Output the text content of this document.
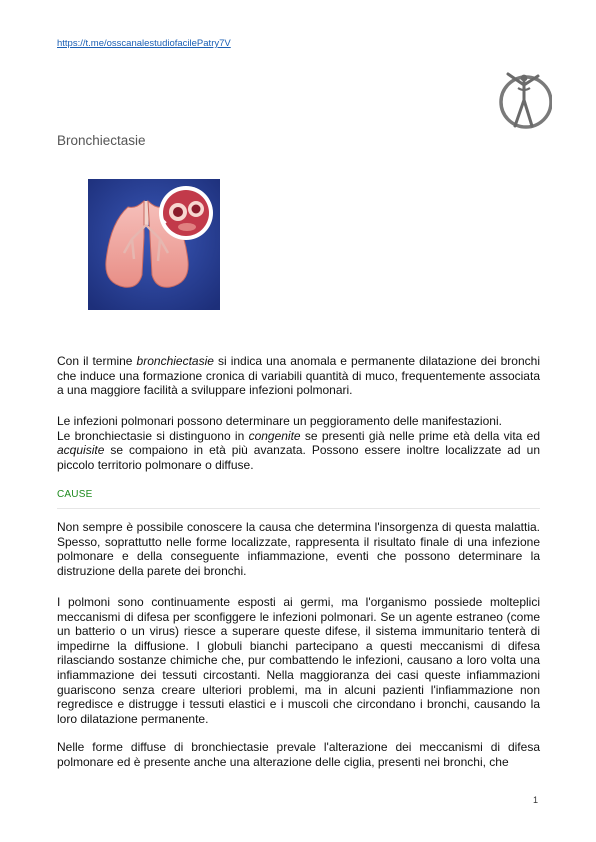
https://t.me/osscanalestudiofacilePatry7V
Bronchiectasie

Con il termine bronchiectasie si indica una anomala e permanente dilatazione dei bronchi che induce una formazione cronica di variabili quantità di muco, frequentemente associata a una maggiore facilità a sviluppare infezioni polmonari.

Le infezioni polmonari possono determinare un peggioramento delle manifestazioni.
Le bronchiectasie si distinguono in congenite se presenti già nelle prime età della vita ed acquisite se compaiono in età più avanzata. Possono essere inoltre localizzate ad un piccolo territorio polmonare o diffuse.

CAUSE

Non sempre è possibile conoscere la causa che determina l'insorgenza di questa malattia. Spesso, soprattutto nelle forme localizzate, rappresenta il risultato finale di una infezione polmonare e della conseguente infiammazione, eventi che possono determinare la distruzione della parete dei bronchi.

I polmoni sono continuamente esposti ai germi, ma l'organismo possiede molteplici meccanismi di difesa per sconfiggere le infezioni polmonari. Se un agente estraneo (come un batterio o un virus) riesce a superare queste difese, il sistema immunitario tenterà di impedirne la diffusione. I globuli bianchi partecipano a questi meccanismi di difesa rilasciando sostanze chimiche che, pur combattendo le infezioni, causano a loro volta una infiammazione dei tessuti circostanti. Nella maggioranza dei casi queste infiammazioni guariscono senza creare ulteriori problemi, ma in alcuni pazienti l'infiammazione non regredisce e distrugge i tessuti elastici e i muscoli che circondano i bronchi, causando la loro dilatazione permanente.

Nelle forme diffuse di bronchiectasie prevale l'alterazione dei meccanismi di difesa polmonare ed è presente anche una alterazione delle ciglia, presenti nei bronchi, che

1
